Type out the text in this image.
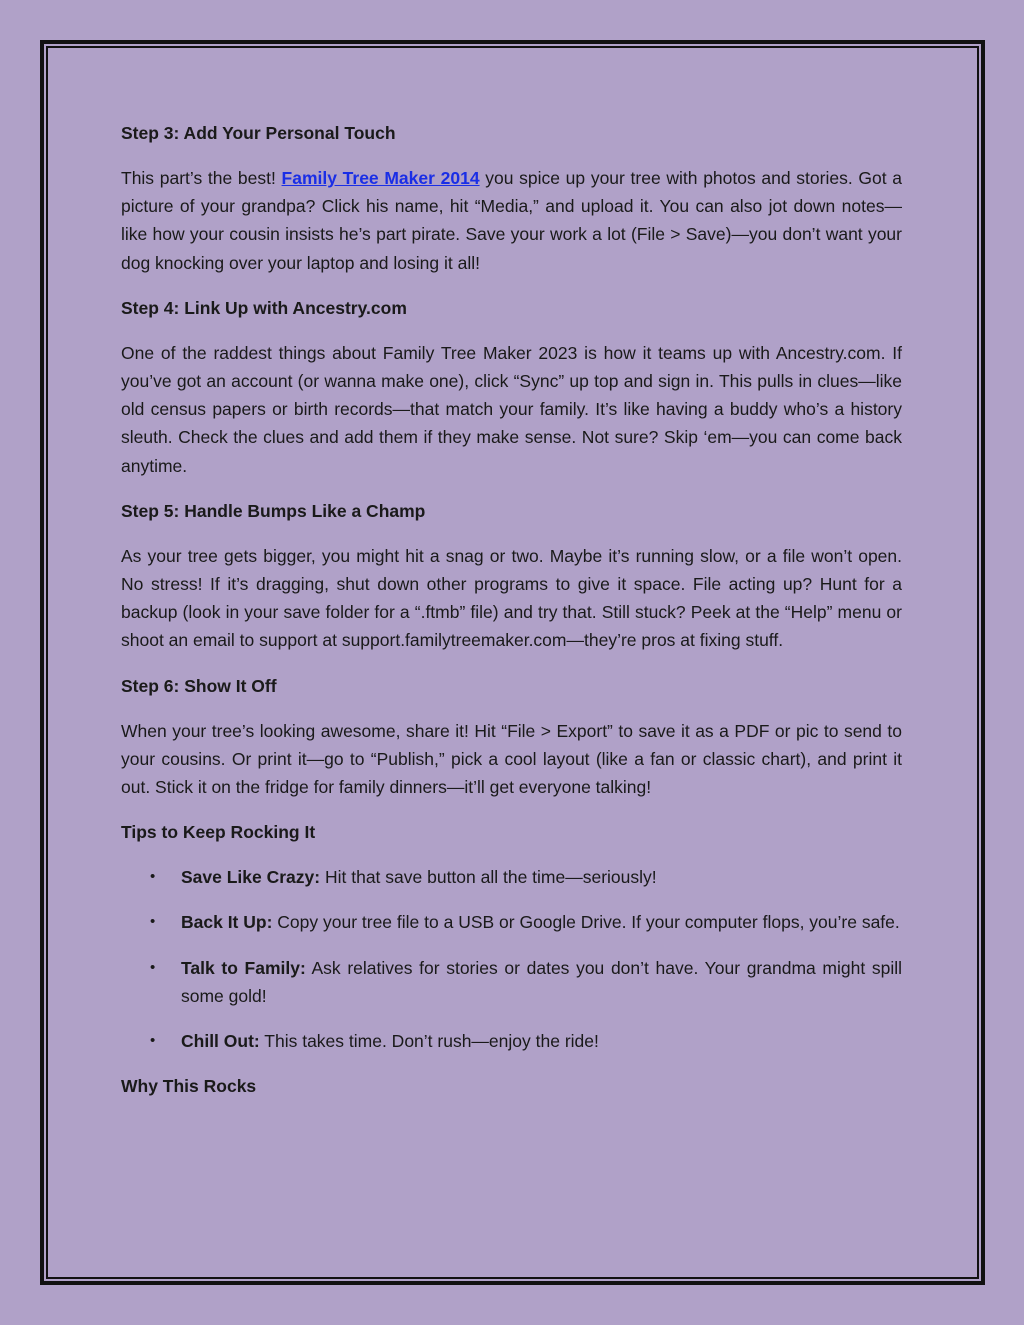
Step 3: Add Your Personal Touch

This part’s the best! Family Tree Maker 2014 you spice up your tree with photos and stories. Got a picture of your grandpa? Click his name, hit “Media,” and upload it. You can also jot down notes—like how your cousin insists he’s part pirate. Save your work a lot (File > Save)—you don’t want your dog knocking over your laptop and losing it all!

Step 4: Link Up with Ancestry.com

One of the raddest things about Family Tree Maker 2023 is how it teams up with Ancestry.com. If you’ve got an account (or wanna make one), click “Sync” up top and sign in. This pulls in clues—like old census papers or birth records—that match your family. It’s like having a buddy who’s a history sleuth. Check the clues and add them if they make sense. Not sure? Skip ‘em—you can come back anytime.

Step 5: Handle Bumps Like a Champ

As your tree gets bigger, you might hit a snag or two. Maybe it’s running slow, or a file won’t open. No stress! If it’s dragging, shut down other programs to give it space. File acting up? Hunt for a backup (look in your save folder for a “.ftmb” file) and try that. Still stuck? Peek at the “Help” menu or shoot an email to support at support.familytreemaker.com—they’re pros at fixing stuff.

Step 6: Show It Off

When your tree’s looking awesome, share it! Hit “File > Export” to save it as a PDF or pic to send to your cousins. Or print it—go to “Publish,” pick a cool layout (like a fan or classic chart), and print it out. Stick it on the fridge for family dinners—it’ll get everyone talking!

Tips to Keep Rocking It
• Save Like Crazy: Hit that save button all the time—seriously!
• Back It Up: Copy your tree file to a USB or Google Drive. If your computer flops, you’re safe.
• Talk to Family: Ask relatives for stories or dates you don’t have. Your grandma might spill some gold!
• Chill Out: This takes time. Don’t rush—enjoy the ride!
Why This Rocks
